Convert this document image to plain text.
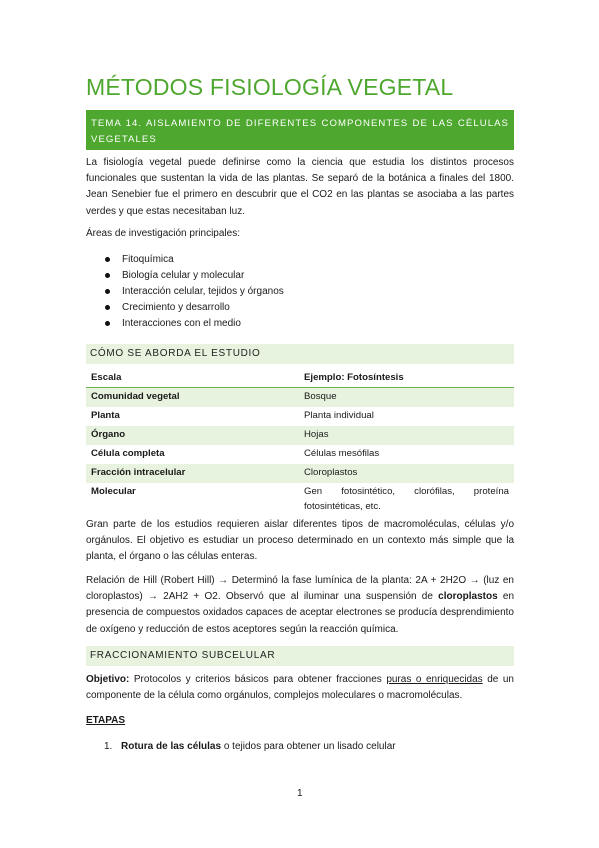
MÉTODOS FISIOLOGÍA VEGETAL
TEMA 14. AISLAMIENTO DE DIFERENTES COMPONENTES DE LAS CÉLULAS VEGETALES
La fisiología vegetal puede definirse como la ciencia que estudia los distintos procesos funcionales que sustentan la vida de las plantas. Se separó de la botánica a finales del 1800. Jean Senebier fue el primero en descubrir que el CO2 en las plantas se asociaba a las partes verdes y que estas necesitaban luz.
Áreas de investigación principales:
Fitoquímica
Biología celular y molecular
Interacción celular, tejidos y órganos
Crecimiento y desarrollo
Interacciones con el medio
CÓMO SE ABORDA EL ESTUDIO
Escala	Ejemplo: Fotosíntesis
Comunidad vegetal	Bosque
Planta	Planta individual
Órgano	Hojas
Célula completa	Células mesófilas
Fracción intracelular	Cloroplastos
Molecular	Gen fotosintético, clorófilas, proteína fotosintéticas, etc.
Gran parte de los estudios requieren aislar diferentes tipos de macromoléculas, células y/o orgánulos. El objetivo es estudiar un proceso determinado en un contexto más simple que la planta, el órgano o las células enteras.
Relación de Hill (Robert Hill) → Determinó la fase lumínica de la planta: 2A + 2H2O → (luz en cloroplastos) → 2AH2 + O2. Observó que al iluminar una suspensión de cloroplastos en presencia de compuestos oxidados capaces de aceptar electrones se producía desprendimiento de oxígeno y reducción de estos aceptores según la reacción química.
FRACCIONAMIENTO SUBCELULAR
Objetivo: Protocolos y criterios básicos para obtener fracciones puras o enriquecidas de un componente de la célula como orgánulos, complejos moleculares o macromoléculas.
ETAPAS
1. Rotura de las células o tejidos para obtener un lisado celular
1
